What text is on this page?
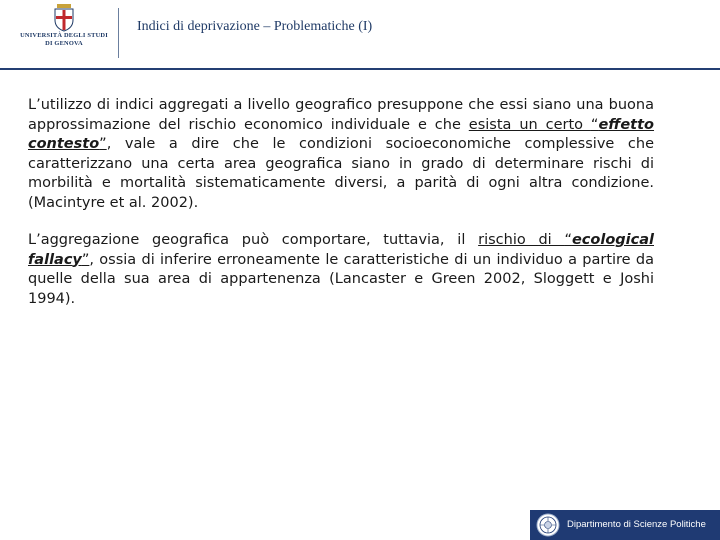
UNIVERSITÀ DEGLI STUDI
DI GENOVA
Indici di deprivazione – Problematiche (I)

L’utilizzo di indici aggregati a livello geografico presuppone che essi siano una buona approssimazione del rischio economico individuale e che esista un certo “effetto contesto”, vale a dire che le condizioni socioeconomiche complessive che caratterizzano una certa area geografica siano in grado di determinare rischi di morbilità e mortalità sistematicamente diversi, a parità di ogni altra condizione. (Macintyre et al. 2002).

L’aggregazione geografica può comportare, tuttavia, il rischio di “ecological fallacy”, ossia di inferire erroneamente le caratteristiche di un individuo a partire da quelle della sua area di appartenenza (Lancaster e Green 2002, Sloggett e Joshi 1994).

Dipartimento di Scienze Politiche
